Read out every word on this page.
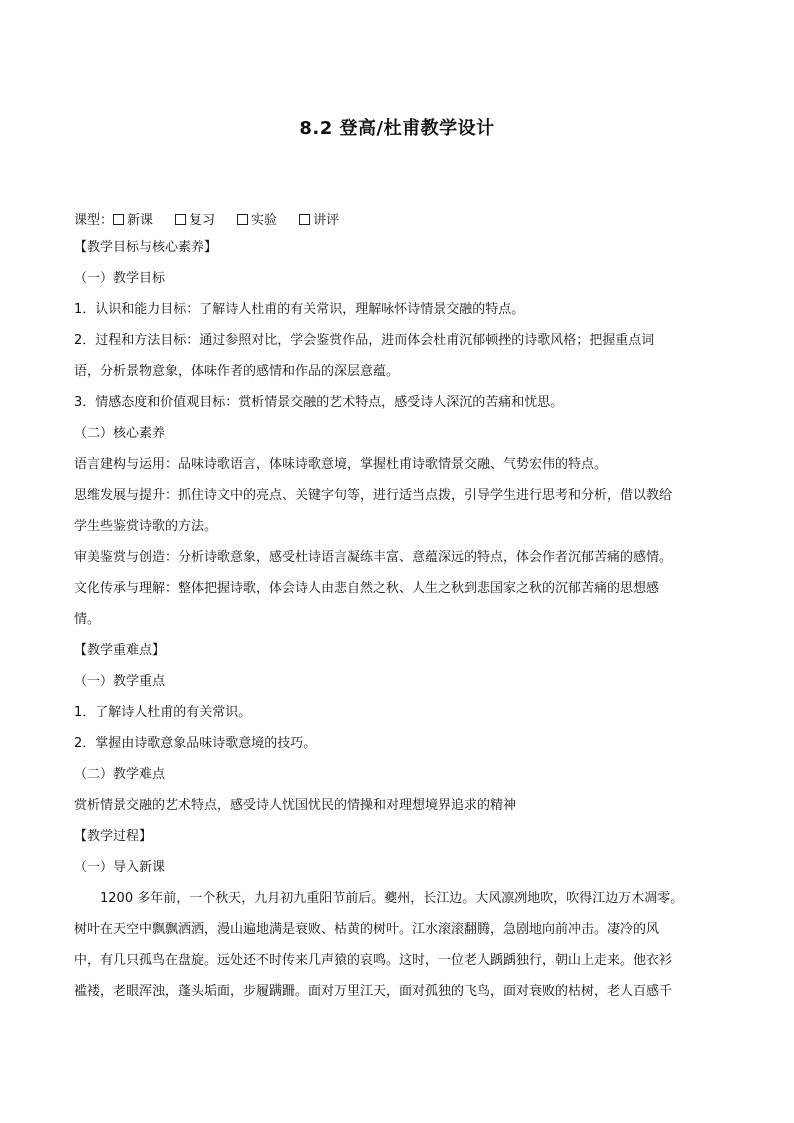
8.2 登高/杜甫教学设计
课型： 新课	复习	实验	讲评
【教学目标与核心素养】
（一）教学目标
1．认识和能力目标：了解诗人杜甫的有关常识，理解咏怀诗情景交融的特点。
2．过程和方法目标：通过参照对比，学会鉴赏作品，进而体会杜甫沉郁顿挫的诗歌风格；把握重点词
语，分析景物意象，体味作者的感情和作品的深层意蕴。
3．情感态度和价值观目标：赏析情景交融的艺术特点，感受诗人深沉的苦痛和忧思。
（二）核心素养
语言建构与运用：品味诗歌语言，体味诗歌意境，掌握杜甫诗歌情景交融、气势宏伟的特点。
思维发展与提升：抓住诗文中的亮点、关键字句等，进行适当点拨，引导学生进行思考和分析，借以教给
学生些鉴赏诗歌的方法。
审美鉴赏与创造：分析诗歌意象，感受杜诗语言凝练丰富、意蕴深远的特点，体会作者沉郁苦痛的感情。
文化传承与理解：整体把握诗歌，体会诗人由悲自然之秋、人生之秋到悲国家之秋的沉郁苦痛的思想感
情。
【教学重难点】
（一）教学重点
1．了解诗人杜甫的有关常识。
2．掌握由诗歌意象品味诗歌意境的技巧。
（二）教学难点
赏析情景交融的艺术特点，感受诗人忧国忧民的情操和对理想境界追求的精神
【教学过程】
（一）导入新课
1200 多年前，一个秋天，九月初九重阳节前后。夔州，长江边。大风凛冽地吹，吹得江边万木凋零。
树叶在天空中飘飘洒洒，漫山遍地满是衰败、枯黄的树叶。江水滚滚翻腾，急剧地向前冲击。凄冷的风
中，有几只孤鸟在盘旋。远处还不时传来几声猿的哀鸣。这时，一位老人踽踽独行，朝山上走来。他衣衫
褴褛，老眼浑浊，蓬头垢面，步履蹒跚。面对万里江天，面对孤独的飞鸟，面对衰败的枯树，老人百感千
